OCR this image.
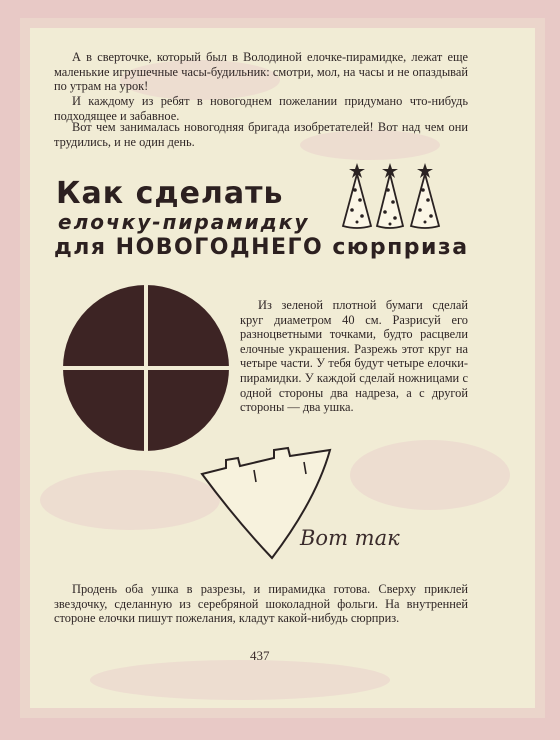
А в сверточке, который был в Володиной елочке-пирамидке, лежат еще маленькие игрушечные часы-будильник: смотри, мол, на часы и не опаздывай по утрам на урок!

И каждому из ребят в новогоднем пожелании придумано что-нибудь подходящее и забавное.

Вот чем занималась новогодняя бригада изобретателей! Вот над чем они трудились, и не один день.

Как сделать
елочку-пирамидку
для НОВОГОДНЕГО сюрприза

Из зеленой плотной бумаги сделай круг диаметром 40 см. Разрисуй его разноцветными точками, будто расцвели елочные украшения. Разрежь этот круг на четыре части. У тебя будут четыре елочки-пирамидки. У каждой сделай ножницами с одной стороны два надреза, а с другой стороны — два ушка.

Вот так

Продень оба ушка в разрезы, и пирамидка готова. Сверху приклей звездочку, сделанную из серебряной шоколадной фольги. На внутренней стороне елочки пишут пожелания, кладут какой-нибудь сюрприз.

437
